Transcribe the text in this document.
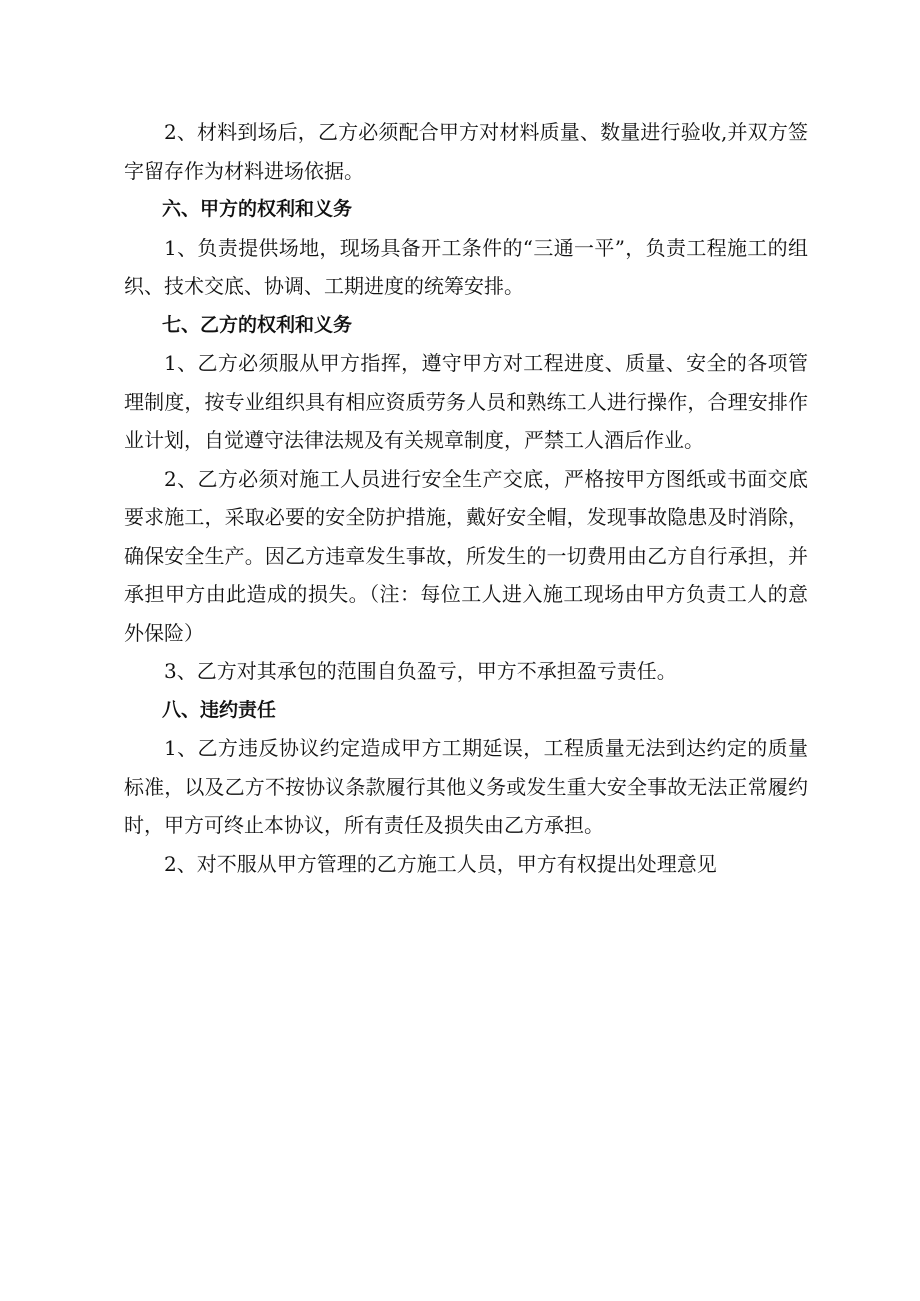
2、材料到场后，乙方必须配合甲方对材料质量、数量进行验收,并双方签字留存作为材料进场依据。

六、甲方的权利和义务

1、负责提供场地，现场具备开工条件的“三通一平”，负责工程施工的组织、技术交底、协调、工期进度的统筹安排。

七、乙方的权利和义务

1、乙方必须服从甲方指挥，遵守甲方对工程进度、质量、安全的各项管理制度，按专业组织具有相应资质劳务人员和熟练工人进行操作，合理安排作业计划，自觉遵守法律法规及有关规章制度，严禁工人酒后作业。

2、乙方必须对施工人员进行安全生产交底，严格按甲方图纸或书面交底要求施工，采取必要的安全防护措施，戴好安全帽，发现事故隐患及时消除，确保安全生产。因乙方违章发生事故，所发生的一切费用由乙方自行承担，并承担甲方由此造成的损失。（注：每位工人进入施工现场由甲方负责工人的意外保险）

3、乙方对其承包的范围自负盈亏，甲方不承担盈亏责任。

八、违约责任

1、乙方违反协议约定造成甲方工期延误，工程质量无法到达约定的质量标准，以及乙方不按协议条款履行其他义务或发生重大安全事故无法正常履约时，甲方可终止本协议，所有责任及损失由乙方承担。

2、对不服从甲方管理的乙方施工人员，甲方有权提出处理意见
